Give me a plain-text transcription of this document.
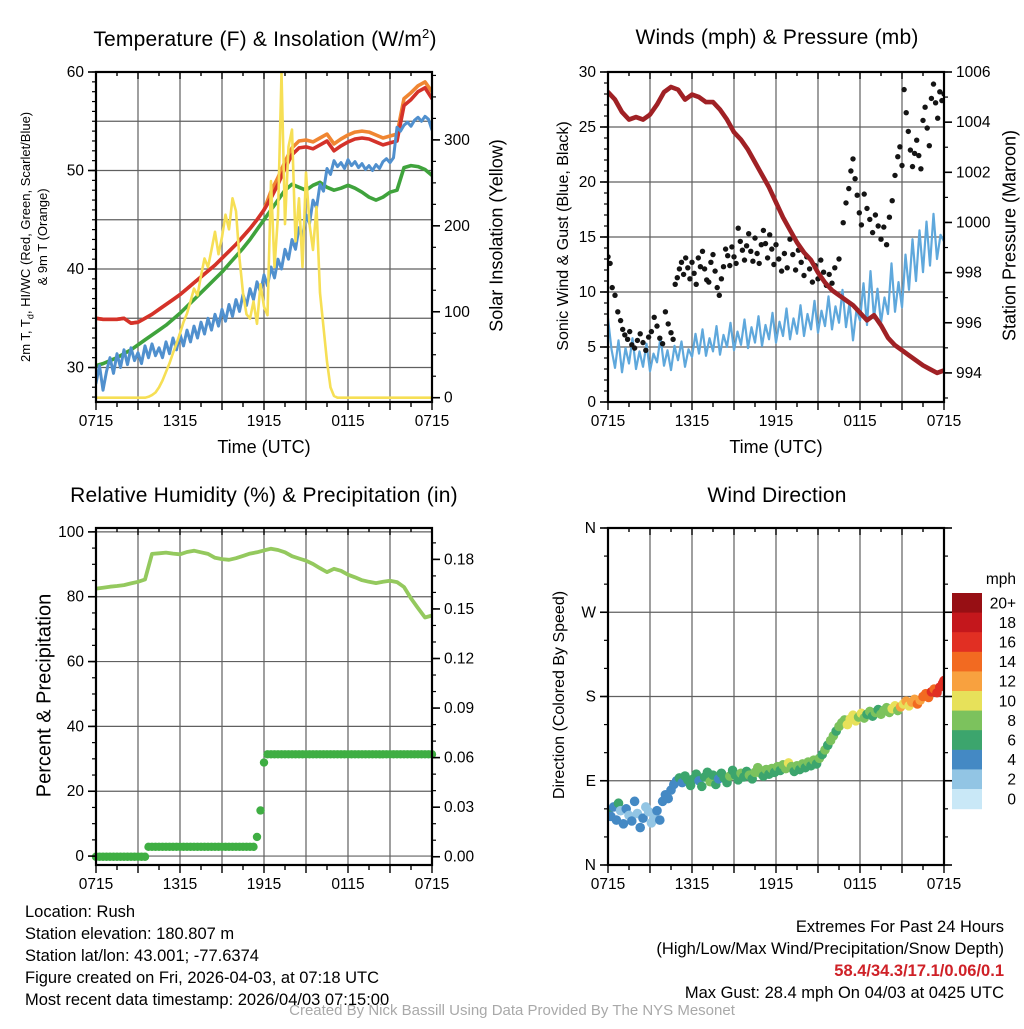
0715	1315	1915	0115	0715
30
40
50
60
0
100
200
300
0715	1315	1915	0115	0715
0
5
10
15
20
25
30
994
996
998
1000
1002
1004
1006
0715	1315	1915	0115	0715
0
20
40
60
80
100
0.00
0.03
0.06
0.09
0.12
0.15
0.18
0715	1315	1915	0115	0715
N
E
S
W
N
20+
18
16
14
12
10
8
6
4
2
0
mph
Temperature (F) & Insolation $(W/m^2)$	Winds (mph) & Pressure (mb)
Relative Humidity (%) & Precipitation (in)	Wind Direction
Time (UTC)	Time (UTC)
2m T, $T_d$, HI/WC (Red, Green, Scarlet/Blue) & 9m T (Orange)	Solar Insolation (Yellow)	Sonic Wind & Gust (Blue, Black)	Station Pressure (Maroon)
Percent & Precipitation	Direction (Colored By Speed)
Location: Rush
Station elevation: 180.807 m
Station lat/lon: 43.001; -77.6374
Figure created on Fri, 2026-04-03, at 07:18 UTC
Most recent data timestamp: 2026/04/03 07:15:00
Extremes For Past 24 Hours
(High/Low/Max Wind/Precipitation/Snow Depth)
58.4/34.3/17.1/0.06/0.1
Max Gust: 28.4 mph On 04/03 at 0425 UTC
Created By Nick Bassill Using Data Provided By The NYS Mesonet
